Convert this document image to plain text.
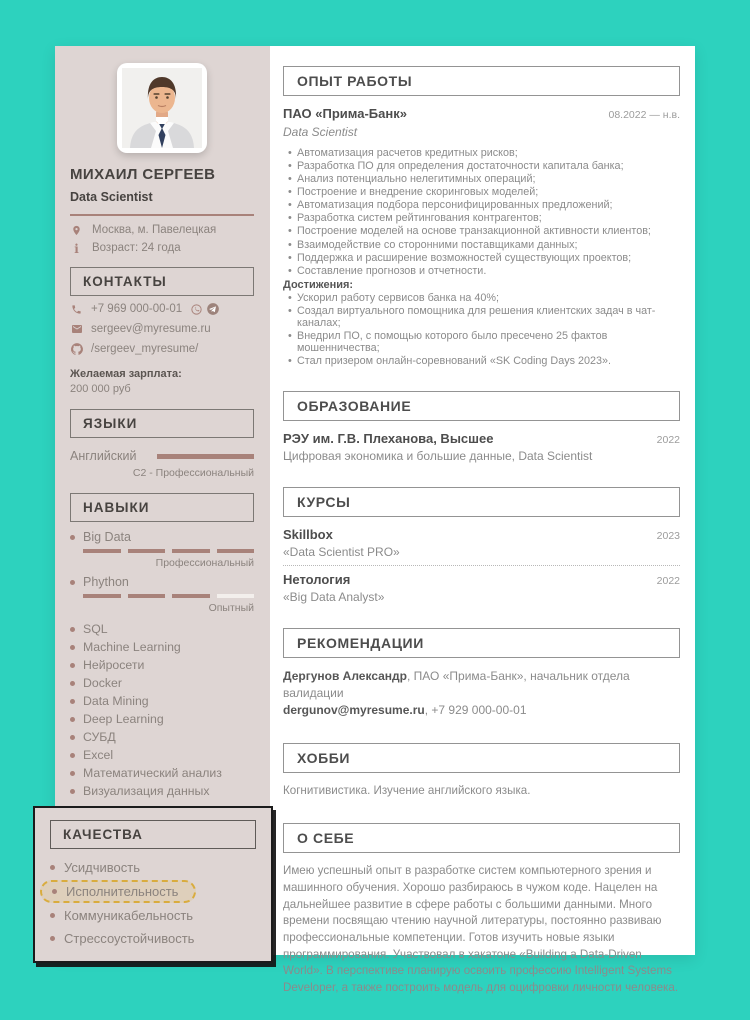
МИХАИЛ СЕРГЕЕВ
Data Scientist
Москва, м. Павелецкая
i Возраст: 24 года
КОНТАКТЫ
+7 969 000-00-01
sergeev@myresume.ru
/sergeev_myresume/
Желаемая зарплата:
200 000 руб
ЯЗЫКИ
Английский
C2 - Профессиональный
НАВЫКИ
Big Data
Профессиональный
Phython
Опытный
SQL
Machine Learning
Нейросети
Docker
Data Mining
Deep Learning
СУБД
Excel
Математический анализ
Визуализация данных
ОПЫТ РАБОТЫ
ПАО «Прима-Банк»	08.2022 — н.в.
Data Scientist
• Автоматизация расчетов кредитных рисков;
• Разработка ПО для определения достаточности капитала банка;
• Анализ потенциально нелегитимных операций;
• Построение и внедрение скоринговых моделей;
• Автоматизация подбора персонифицированных предложений;
• Разработка систем рейтингования контрагентов;
• Построение моделей на основе транзакционной активности клиентов;
• Взаимодействие со сторонними поставщиками данных;
• Поддержка и расширение возможностей существующих проектов;
• Составление прогнозов и отчетности.
Достижения:
• Ускорил работу сервисов банка на 40%;
• Создал виртуального помощника для решения клиентских задач в чат-каналах;
• Внедрил ПО, с помощью которого было пресечено 25 фактов мошенничества;
• Стал призером онлайн-соревнований «SK Coding Days 2023».
ОБРАЗОВАНИЕ
РЭУ им. Г.В. Плеханова, Высшее	2022
Цифровая экономика и большие данные, Data Scientist
КУРСЫ
Skillbox	2023
«Data Scientist PRO»
Нетология	2022
«Big Data Analyst»
РЕКОМЕНДАЦИИ
Дергунов Александр, ПАО «Прима-Банк», начальник отдела валидации
dergunov@myresume.ru, +7 929 000-00-01
ХОББИ
Когнитивистика. Изучение английского языка.
О СЕБЕ
Имею успешный опыт в разработке систем компьютерного зрения и машинного обучения. Хорошо разбираюсь в чужом коде. Нацелен на дальнейшее развитие в сфере работы с большими данными. Много времени посвящаю чтению научной литературы, постоянно развиваю профессиональные компетенции. Готов изучить новые языки программирования. Участвовал в хакатоне «Building a Data-Driven World». В перспективе планирую освоить профессию Intelligent Systems Developer, а также построить модель для оцифровки личности человека.
КАЧЕСТВА
Усидчивость
Исполнительность
Коммуникабельность
Стрессоустойчивость
